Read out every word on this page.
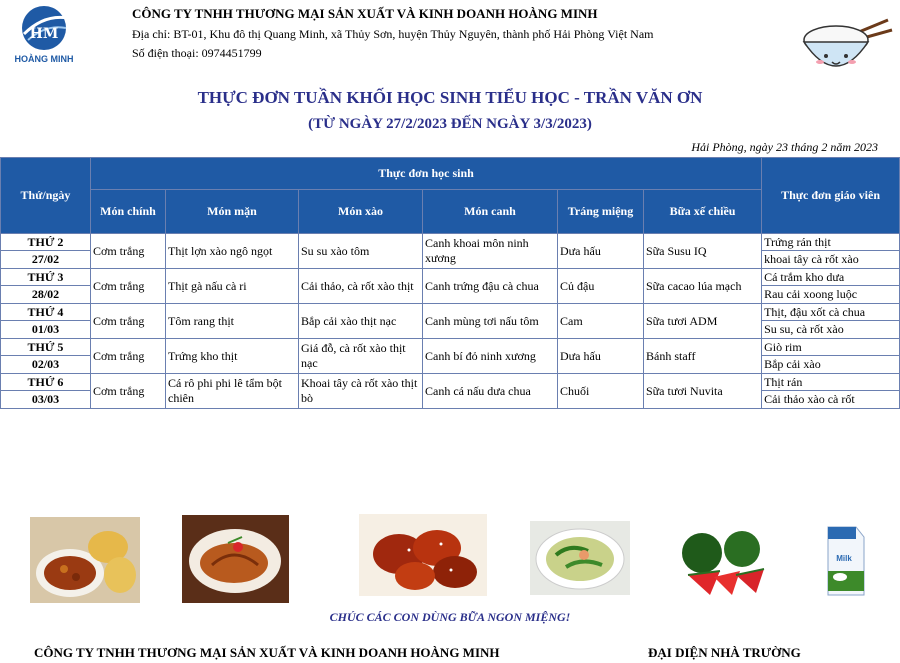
HM
HOÀNG MINH
CÔNG TY TNHH THƯƠNG MẠI SẢN XUẤT VÀ KINH DOANH HOÀNG MINH
Địa chỉ: BT-01, Khu đô thị Quang Minh, xã Thủy Sơn, huyện Thủy Nguyên, thành phố Hải Phòng Việt Nam
Số điện thoại: 0974451799
THỰC ĐƠN TUẦN KHỐI HỌC SINH TIỂU HỌC - TRẦN VĂN ƠN
(TỪ NGÀY 27/2/2023 ĐẾN NGÀY 3/3/2023)
Hải Phòng, ngày 23 tháng 2 năm 2023
Thứ/ngày	Thực đơn học sinh						Thực đơn giáo viên
	Món chính	Món mặn	Món xào	Món canh	Tráng miệng	Bữa xế chiều	
THỨ 2	Cơm trắng	Thịt lợn xào ngô ngọt	Su su xào tôm	Canh khoai môn ninh xương	Dưa hấu	Sữa Susu IQ	Trứng rán thịt
27/02							khoai tây cà rốt xào
THỨ 3	Cơm trắng	Thịt gà nấu cà ri	Cải thảo, cà rốt xào thịt	Canh trứng đậu cà chua	Củ đậu	Sữa cacao lúa mạch	Cá trắm kho dưa
28/02							Rau cải xoong luộc
THỨ 4	Cơm trắng	Tôm rang thịt	Bắp cải xào thịt nạc	Canh mùng tơi nấu tôm	Cam	Sữa tươi ADM	Thịt, đậu xốt cà chua
01/03							Su su, cà rốt xào
THỨ 5	Cơm trắng	Trứng kho thịt	Giá đỗ, cà rốt xào thịt nạc	Canh bí đỏ ninh xương	Dưa hấu	Bánh staff	Giò rim
02/03							Bắp cải xào
THỨ 6	Cơm trắng	Cá rô phi phi lê tẩm bột chiên	Khoai tây cà rốt xào thịt bò	Canh cá nấu dưa chua	Chuối	Sữa tươi Nuvita	Thịt rán
03/03							Cải thảo xào cà rốt
Milk
CHÚC CÁC CON DÙNG BỮA NGON MIỆNG!
CÔNG TY TNHH THƯƠNG MẠI SẢN XUẤT VÀ KINH DOANH HOÀNG MINH	ĐẠI DIỆN NHÀ TRƯỜNG
